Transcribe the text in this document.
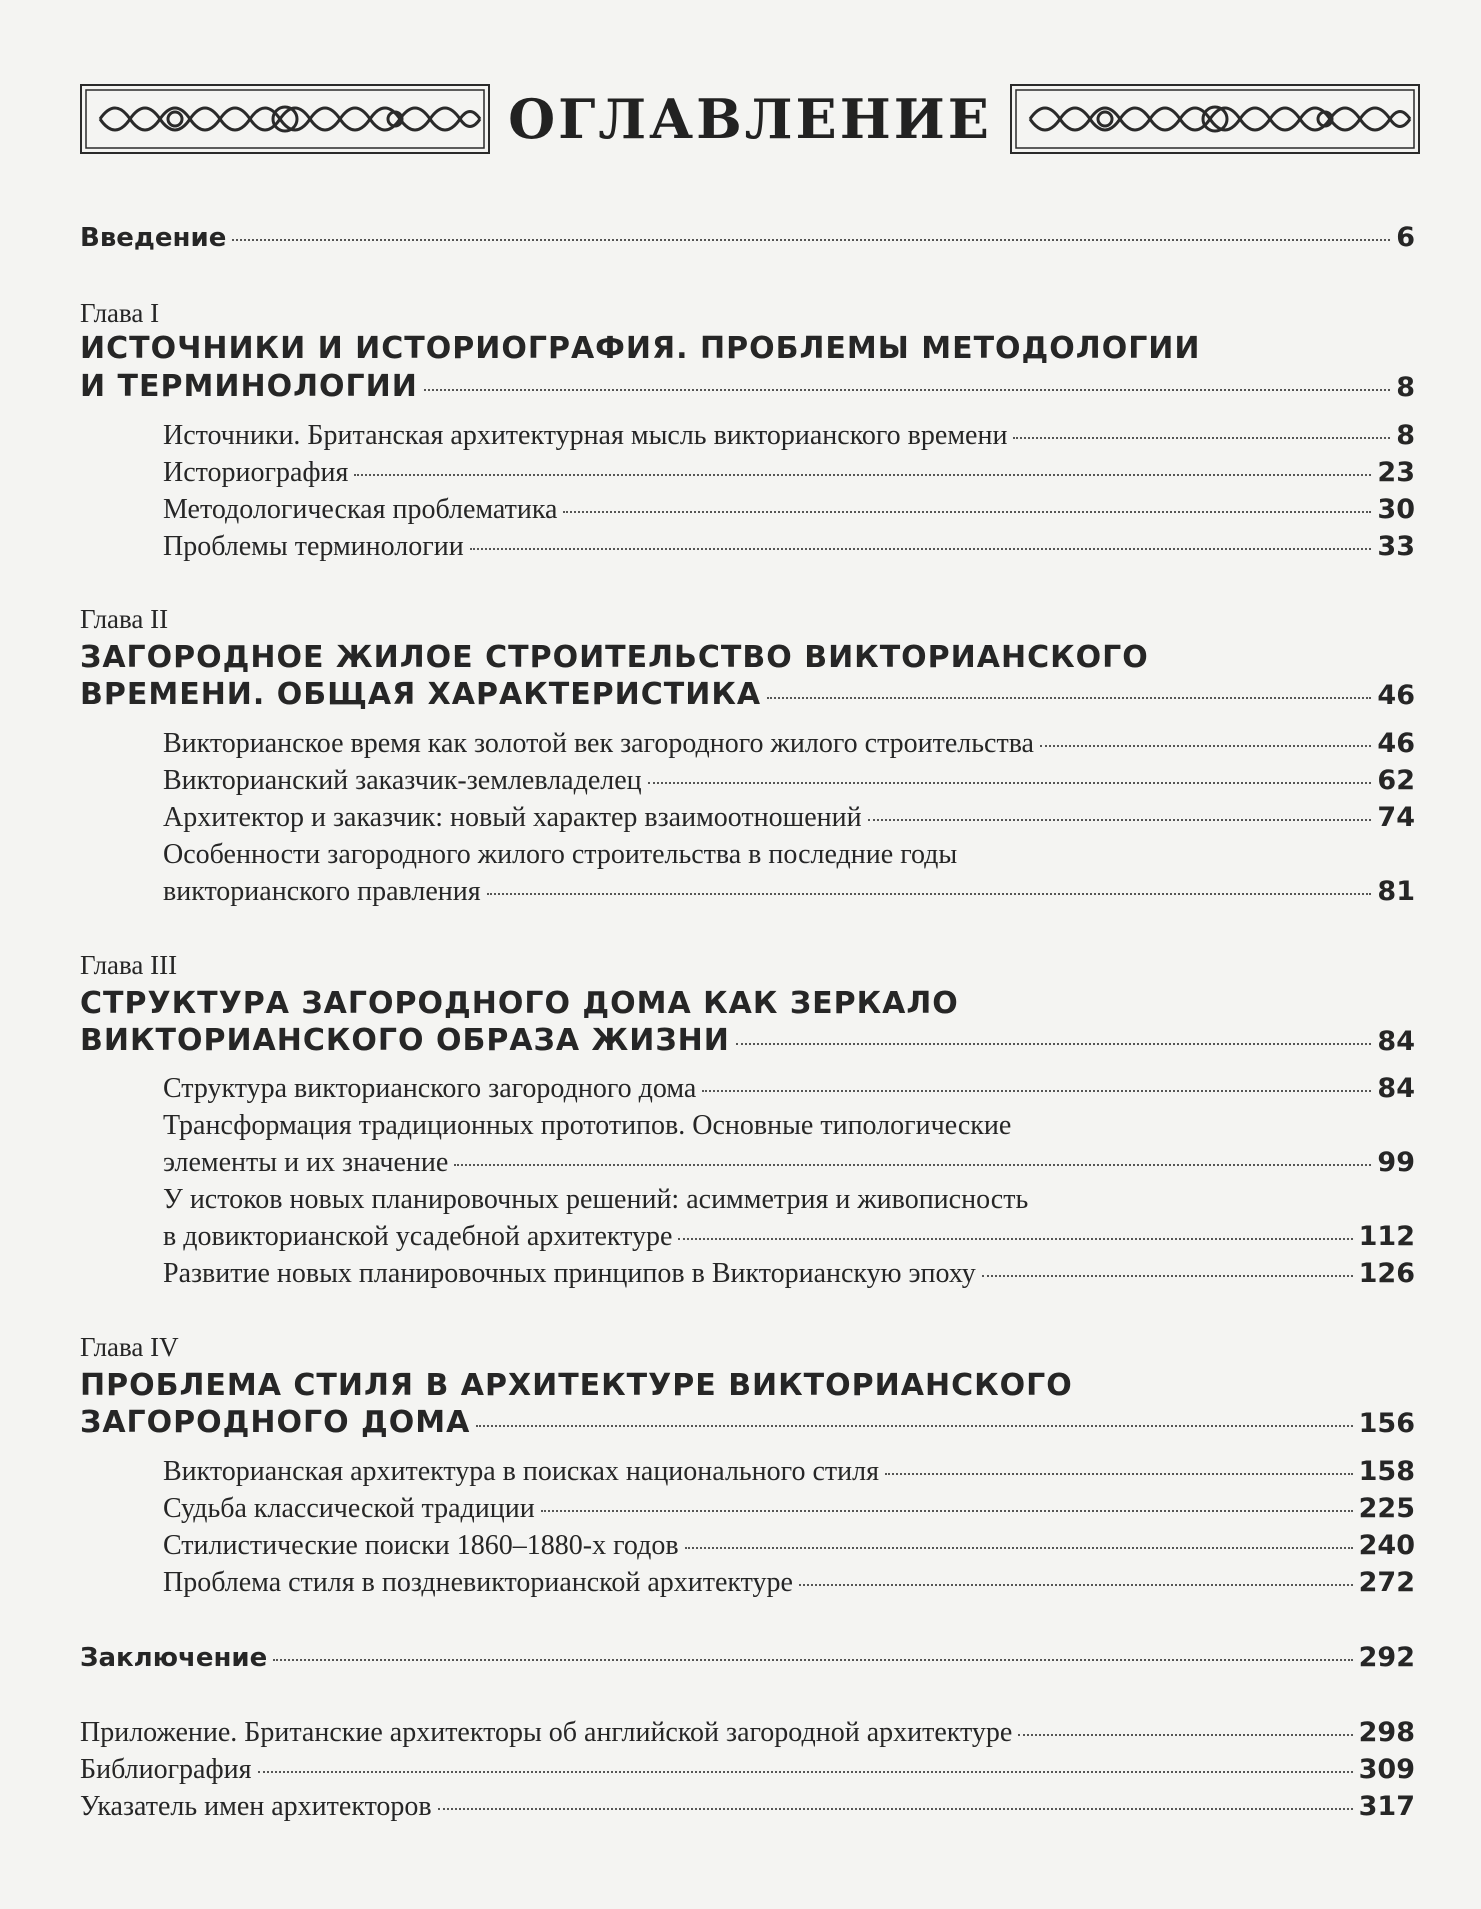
ОГЛАВЛЕНИЕ
Введение	6
Глава I
ИСТОЧНИКИ И ИСТОРИОГРАФИЯ. ПРОБЛЕМЫ МЕТОДОЛОГИИ
И ТЕРМИНОЛОГИИ	8
Источники. Британская архитектурная мысль викторианского времени	8
Историография	23
Методологическая проблематика	30
Проблемы терминологии	33
Глава II
ЗАГОРОДНОЕ ЖИЛОЕ СТРОИТЕЛЬСТВО ВИКТОРИАНСКОГО
ВРЕМЕНИ. ОБЩАЯ ХАРАКТЕРИСТИКА	46
Викторианское время как золотой век загородного жилого строительства	46
Викторианский заказчик-землевладелец	62
Архитектор и заказчик: новый характер взаимоотношений	74
Особенности загородного жилого строительства в последние годы
викторианского правления	81
Глава III
СТРУКТУРА ЗАГОРОДНОГО ДОМА КАК ЗЕРКАЛО
ВИКТОРИАНСКОГО ОБРАЗА ЖИЗНИ	84
Структура викторианского загородного дома	84
Трансформация традиционных прототипов. Основные типологические
элементы и их значение	99
У истоков новых планировочных решений: асимметрия и живописность
в довикторианской усадебной архитектуре	112
Развитие новых планировочных принципов в Викторианскую эпоху	126
Глава IV
ПРОБЛЕМА СТИЛЯ В АРХИТЕКТУРЕ ВИКТОРИАНСКОГО
ЗАГОРОДНОГО ДОМА	156
Викторианская архитектура в поисках национального стиля	158
Судьба классической традиции	225
Стилистические поиски 1860–1880-х годов	240
Проблема стиля в поздневикторианской архитектуре	272
Заключение	292
Приложение. Британские архитекторы об английской загородной архитектуре	298
Библиография	309
Указатель имен архитекторов	317
